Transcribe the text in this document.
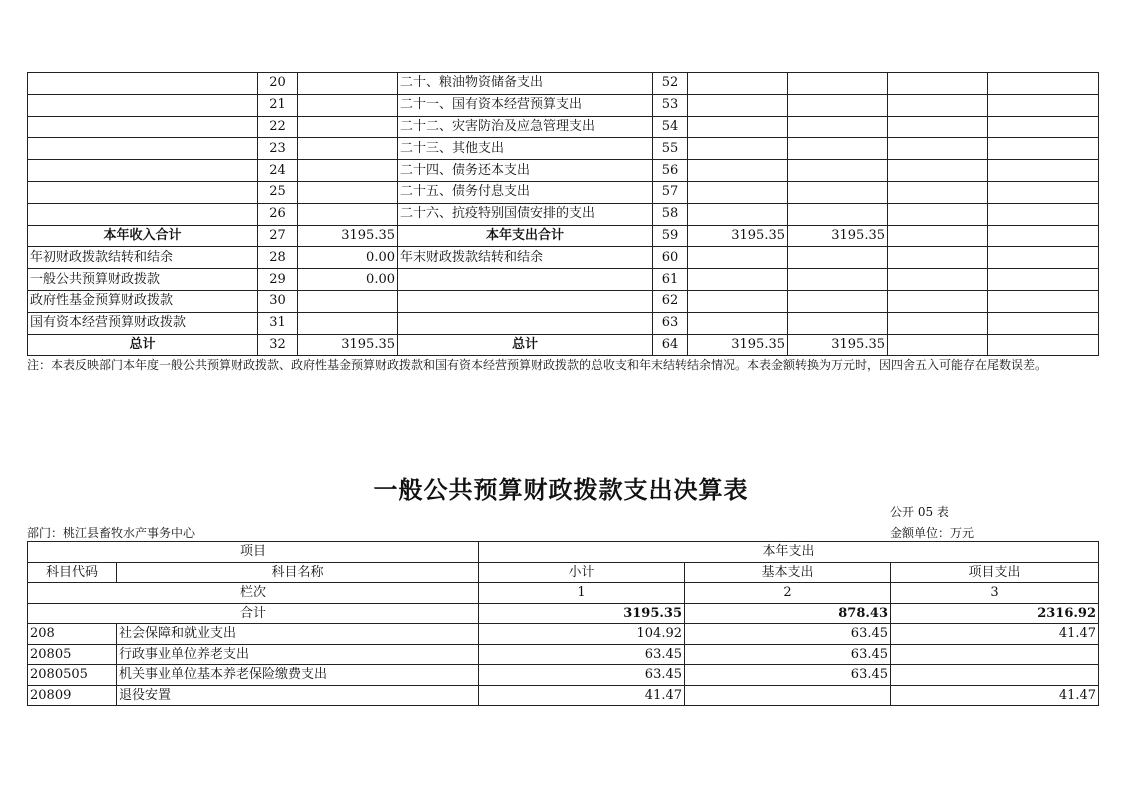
	20		二十、粮油物资储备支出	52				
	21		二十一、国有资本经营预算支出	53				
	22		二十二、灾害防治及应急管理支出	54				
	23		二十三、其他支出	55				
	24		二十四、债务还本支出	56				
	25		二十五、债务付息支出	57				
	26		二十六、抗疫特别国债安排的支出	58				
本年收入合计	27	3195.35	本年支出合计	59	3195.35	3195.35		
年初财政拨款结转和结余	28	0.00	年末财政拨款结转和结余	60				
一般公共预算财政拨款	29	0.00		61				
政府性基金预算财政拨款	30			62				
国有资本经营预算财政拨款	31			63				
总计	32	3195.35	总计	64	3195.35	3195.35		
注：本表反映部门本年度一般公共预算财政拨款、政府性基金预算财政拨款和国有资本经营预算财政拨款的总收支和年末结转结余情况。本表金额转换为万元时，因四舍五入可能存在尾数误差。
一般公共预算财政拨款支出决算表
公开 05 表
部门：桃江县畜牧水产事务中心	金额单位：万元
项目		本年支出		
科目代码	科目名称	小计	基本支出	项目支出
栏次		1	2	3
合计		3195.35	878.43	2316.92
208	社会保障和就业支出	104.92	63.45	41.47
20805	行政事业单位养老支出	63.45	63.45	
2080505	机关事业单位基本养老保险缴费支出	63.45	63.45	
20809	退役安置	41.47		41.47
